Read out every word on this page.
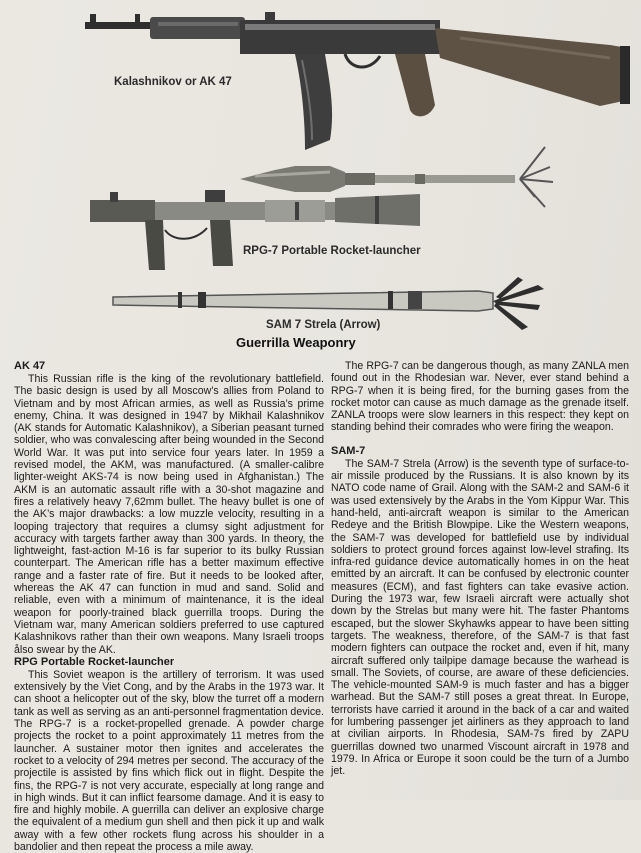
Kalashnikov or AK 47
RPG-7 Portable Rocket-launcher
SAM 7 Strela (Arrow)
Guerrilla Weaponry
AK 47

This Russian rifle is the king of the revolutionary battlefield. The basic design is used by all Moscow’s allies from Poland to Vietnam and by most African armies, as well as Russia’s prime enemy, China. It was designed in 1947 by Mikhail Kalashnikov (AK stands for Automatic Kalashnikov), a Siberian peasant turned soldier, who was convalescing after being wounded in the Second World War. It was put into service four years later. In 1959 a revised model, the AKM, was manufactured. (A smaller-calibre lighter-weight AKS-74 is now being used in Afghanistan.) The AKM is an automatic assault rifle with a 30-shot magazine and fires a relatively heavy 7,62mm bullet. The heavy bullet is one of the AK’s major drawbacks: a low muzzle velocity, resulting in a looping trajectory that requires a clumsy sight adjustment for accuracy with targets farther away than 300 yards. In theory, the lightweight, fast-action M-16 is far superior to its bulky Russian counterpart. The American rifle has a better maximum effective range and a faster rate of fire. But it needs to be looked after, whereas the AK 47 can function in mud and sand. Solid and reliable, even with a minimum of maintenance, it is the ideal weapon for poorly-trained black guerrilla troops. During the Vietnam war, many American soldiers preferred to use captured Kalashnikovs rather than their own weapons. Many Israeli troops ålso swear by the AK.

RPG Portable Rocket-launcher

This Soviet weapon is the artillery of terrorism. It was used extensively by the Viet Cong, and by the Arabs in the 1973 war. It can shoot a helicopter out of the sky, blow the turret off a modern tank as well as serving as an anti-personnel fragmentation device. The RPG-7 is a rocket-propelled grenade. A powder charge projects the rocket to a point approximately 11 metres from the launcher. A sustainer motor then ignites and accelerates the rocket to a velocity of 294 metres per second. The accuracy of the projectile is assisted by fins which flick out in flight. Despite the fins, the RPG-7 is not very accurate, especially at long range and in high winds. But it can inflict fearsome damage. And it is easy to fire and highly mobile. A guerrilla can deliver an explosive charge the equivalent of a medium gun shell and then pick it up and walk away with a few other rockets flung across his shoulder in a bandolier and then repeat the process a mile away.

The RPG-7 can be dangerous though, as many ZANLA men found out in the Rhodesian war. Never, ever stand behind a RPG-7 when it is being fired, for the burning gases from the rocket motor can cause as much damage as the grenade itself. ZANLA troops were slow learners in this respect: they kept on standing behind their comrades who were firing the weapon.

SAM-7

The SAM-7 Strela (Arrow) is the seventh type of surface-to-air missile produced by the Russians. It is also known by its NATO code name of Grail. Along with the SAM-2 and SAM-6 it was used extensively by the Arabs in the Yom Kippur War. This hand-held, anti-aircraft weapon is similar to the American Redeye and the British Blowpipe. Like the Western weapons, the SAM-7 was developed for battlefield use by individual soldiers to protect ground forces against low-level strafing. Its infra-red guidance device automatically homes in on the heat emitted by an aircraft. It can be confused by electronic counter measures (ECM), and fast fighters can take evasive action. During the 1973 war, few Israeli aircraft were actually shot down by the Strelas but many were hit. The faster Phantoms escaped, but the slower Skyhawks appear to have been sitting targets. The weakness, therefore, of the SAM-7 is that fast modern fighters can outpace the rocket and, even if hit, many aircraft suffered only tailpipe damage because the warhead is small. The Soviets, of course, are aware of these deficiencies. The vehicle-mounted SAM-9 is much faster and has a bigger warhead. But the SAM-7 still poses a great threat. In Europe, terrorists have carried it around in the back of a car and waited for lumbering passenger jet airliners as they approach to land at civilian airports. In Rhodesia, SAM-7s fired by ZAPU guerrillas downed two unarmed Viscount aircraft in 1978 and 1979. In Africa or Europe it soon could be the turn of a Jumbo jet.
